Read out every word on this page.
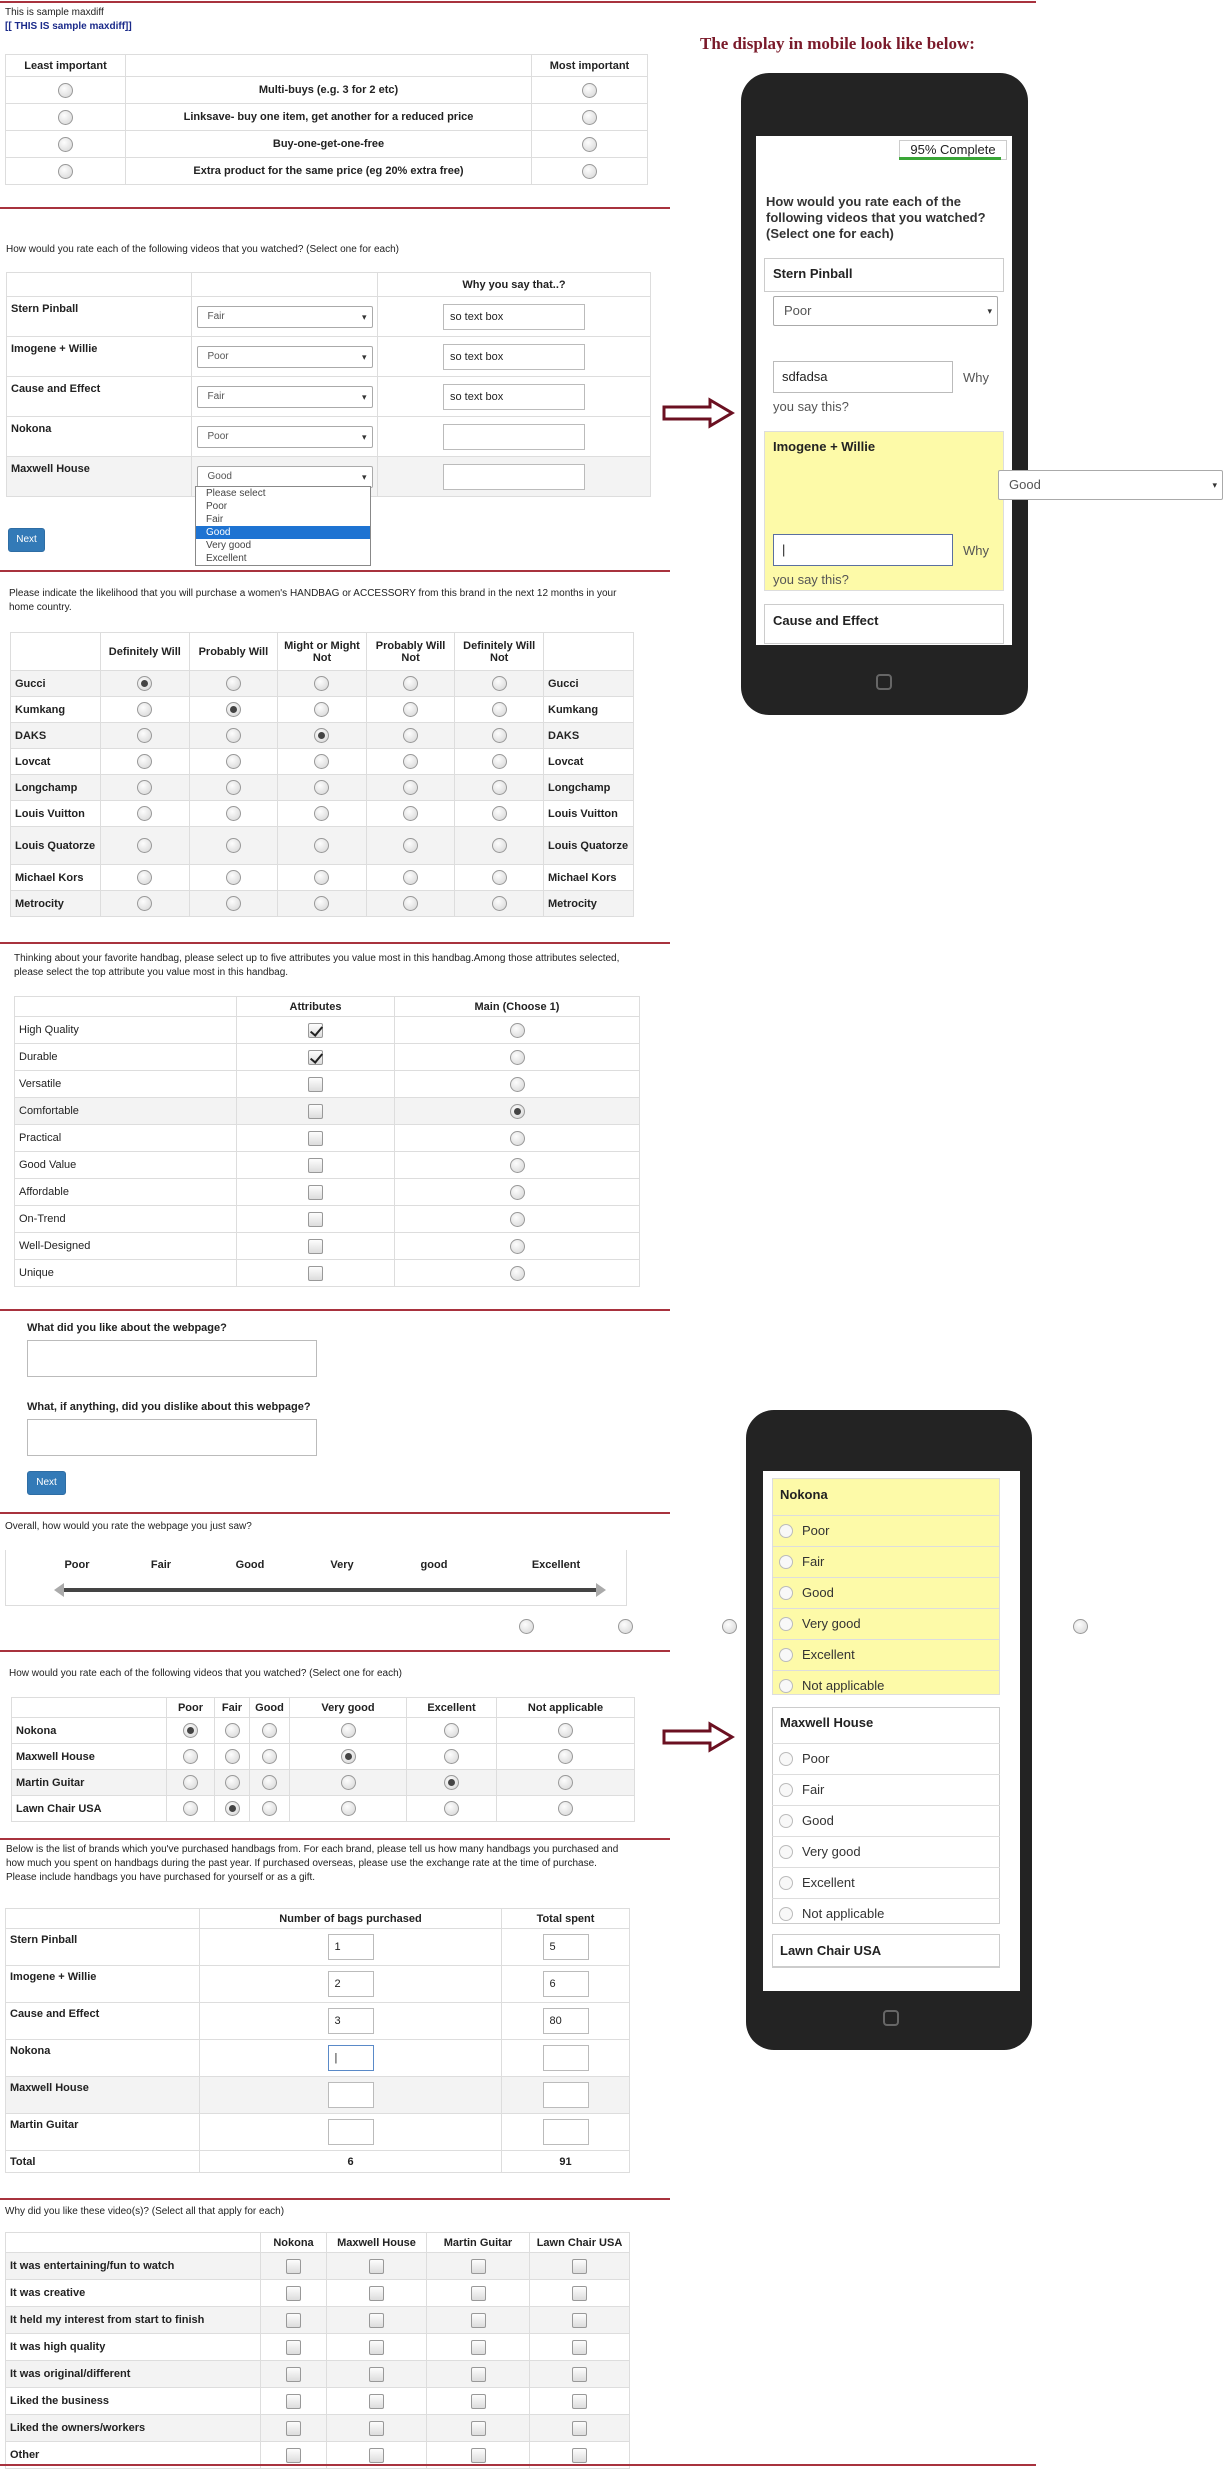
This is sample maxdiff
[[ THIS IS sample maxdiff]]
The display in mobile look like below:
Least important		Most important
	Multi-buys (e.g. 3 for 2 etc)	
	Linksave- buy one item, get another for a reduced price	
	Buy-one-get-one-free	
	Extra product for the same price (eg 20% extra free)	
How would you rate each of the following videos that you watched? (Select one for each)
		Why you say that..?
Stern Pinball	Fair ▾	so text box
Imogene + Willie	Poor ▾	so text box
Cause and Effect	Fair ▾	so text box
Nokona	Poor ▾	
Maxwell House	Good ▾	
Please select
Poor
Fair
Good
Very good
Excellent
Next
95% Complete
How would you rate each of the following videos that you watched? (Select one for each)
Stern Pinball
Poor ▾
sdfadsa	Why
you say this?
Imogene + Willie
Good ▾
|	Why
you say this?
Cause and Effect
Please indicate the likelihood that you will purchase a women's HANDBAG or ACCESSORY from this brand in the next 12 months in your home country.
	Definitely Will	Probably Will	Might or Might Not	Probably Will Not	Definitely Will Not	
Gucci						Gucci
Kumkang						Kumkang
DAKS						DAKS
Lovcat						Lovcat
Longchamp						Longchamp
Louis Vuitton						Louis Vuitton
Louis Quatorze						Louis Quatorze
Michael Kors						Michael Kors
Metrocity						Metrocity
Thinking about your favorite handbag, please select up to five attributes you value most in this handbag.Among those attributes selected, please select the top attribute you value most in this handbag.
	Attributes	Main (Choose 1)
High Quality		
Durable		
Versatile		
Comfortable		
Practical		
Good Value		
Affordable		
On-Trend		
Well-Designed		
Unique		
What did you like about the webpage?
What, if anything, did you dislike about this webpage?
Next
Overall, how would you rate the webpage you just saw?
Poor	Fair	Good	Very	good	Excellent
How would you rate each of the following videos that you watched? (Select one for each)
	Poor	Fair	Good	Very good	Excellent	Not applicable
Nokona						
Maxwell House						
Martin Guitar						
Lawn Chair USA						
Nokona
Poor
Fair
Good
Very good
Excellent
Not applicable
Maxwell House
Poor
Fair
Good
Very good
Excellent
Not applicable
Lawn Chair USA
Below is the list of brands which you've purchased handbags from. For each brand, please tell us how many handbags you purchased and how much you spent on handbags during the past year. If purchased overseas, please use the exchange rate at the time of purchase. Please include handbags you have purchased for yourself or as a gift.
	Number of bags purchased	Total spent
Stern Pinball	1	5
Imogene + Willie	2	6
Cause and Effect	3	80
Nokona	|	
Maxwell House		
Martin Guitar		
Total	6	91
Why did you like these video(s)? (Select all that apply for each)
	Nokona	Maxwell House	Martin Guitar	Lawn Chair USA
It was entertaining/fun to watch				
It was creative				
It held my interest from start to finish				
It was high quality				
It was original/different				
Liked the business				
Liked the owners/workers				
Other				
